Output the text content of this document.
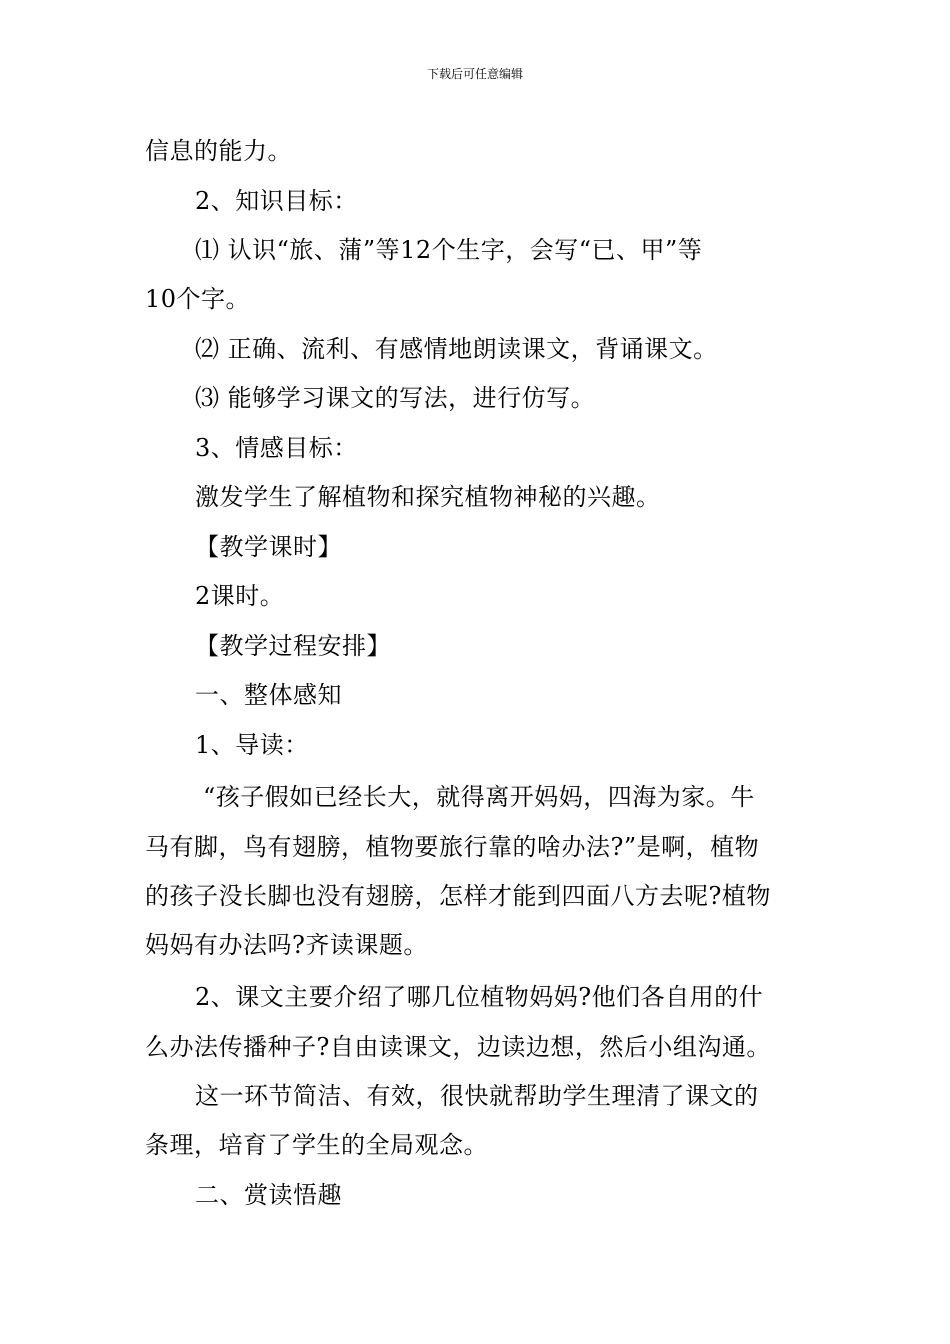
下载后可任意编辑
信息的能力。
2、知识目标：
⑴ 认识“旅、蒲”等12个生字，会写“已、甲”等
10个字。
⑵ 正确、流利、有感情地朗读课文，背诵课文。
⑶ 能够学习课文的写法，进行仿写。
3、情感目标：
激发学生了解植物和探究植物神秘的兴趣。
【教学课时】
2课时。
【教学过程安排】
一、整体感知
1、导读：
“孩子假如已经长大，就得离开妈妈，四海为家。牛
马有脚，鸟有翅膀，植物要旅行靠的啥办法?”是啊，植物
的孩子没长脚也没有翅膀，怎样才能到四面八方去呢?植物
妈妈有办法吗?齐读课题。
2、课文主要介绍了哪几位植物妈妈?他们各自用的什
么办法传播种子?自由读课文，边读边想，然后小组沟通。
这一环节简洁、有效，很快就帮助学生理清了课文的
条理，培育了学生的全局观念。
二、赏读悟趣
